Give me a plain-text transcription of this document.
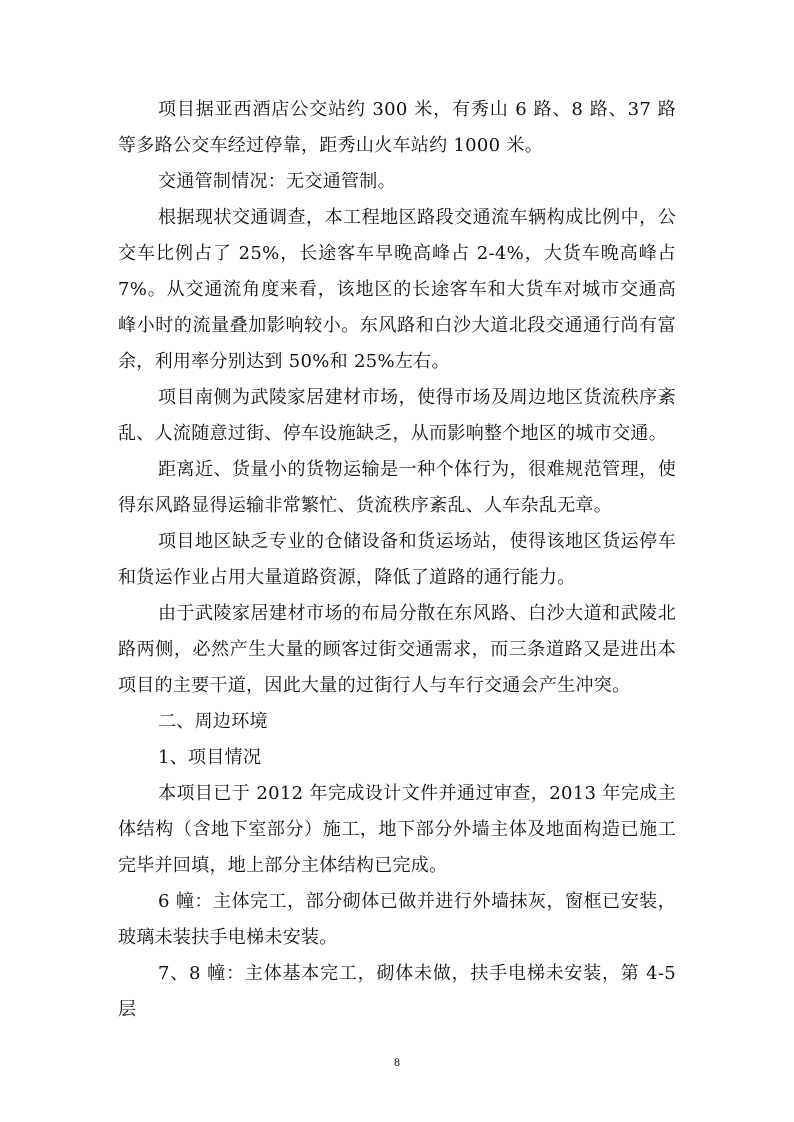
项目据亚西酒店公交站约 300 米，有秀山 6 路、8 路、37 路等多路公交车经过停靠，距秀山火车站约 1000 米。

交通管制情况：无交通管制。

根据现状交通调查，本工程地区路段交通流车辆构成比例中，公交车比例占了 25%，长途客车早晚高峰占 2-4%，大货车晚高峰占 7%。从交通流角度来看，该地区的长途客车和大货车对城市交通高峰小时的流量叠加影响较小。东风路和白沙大道北段交通通行尚有富余，利用率分别达到 50%和 25%左右。

项目南侧为武陵家居建材市场，使得市场及周边地区货流秩序紊乱、人流随意过街、停车设施缺乏，从而影响整个地区的城市交通。

距离近、货量小的货物运输是一种个体行为，很难规范管理，使得东风路显得运输非常繁忙、货流秩序紊乱、人车杂乱无章。

项目地区缺乏专业的仓储设备和货运场站，使得该地区货运停车和货运作业占用大量道路资源，降低了道路的通行能力。

由于武陵家居建材市场的布局分散在东风路、白沙大道和武陵北路两侧，必然产生大量的顾客过街交通需求，而三条道路又是进出本项目的主要干道，因此大量的过街行人与车行交通会产生冲突。

二、周边环境

1、项目情况

本项目已于 2012 年完成设计文件并通过审查，2013 年完成主体结构（含地下室部分）施工，地下部分外墙主体及地面构造已施工完毕并回填，地上部分主体结构已完成。

6 幢：主体完工，部分砌体已做并进行外墙抹灰，窗框已安装，玻璃未装扶手电梯未安装。

7、8 幢：主体基本完工，砌体未做，扶手电梯未安装，第 4-5 层

8
